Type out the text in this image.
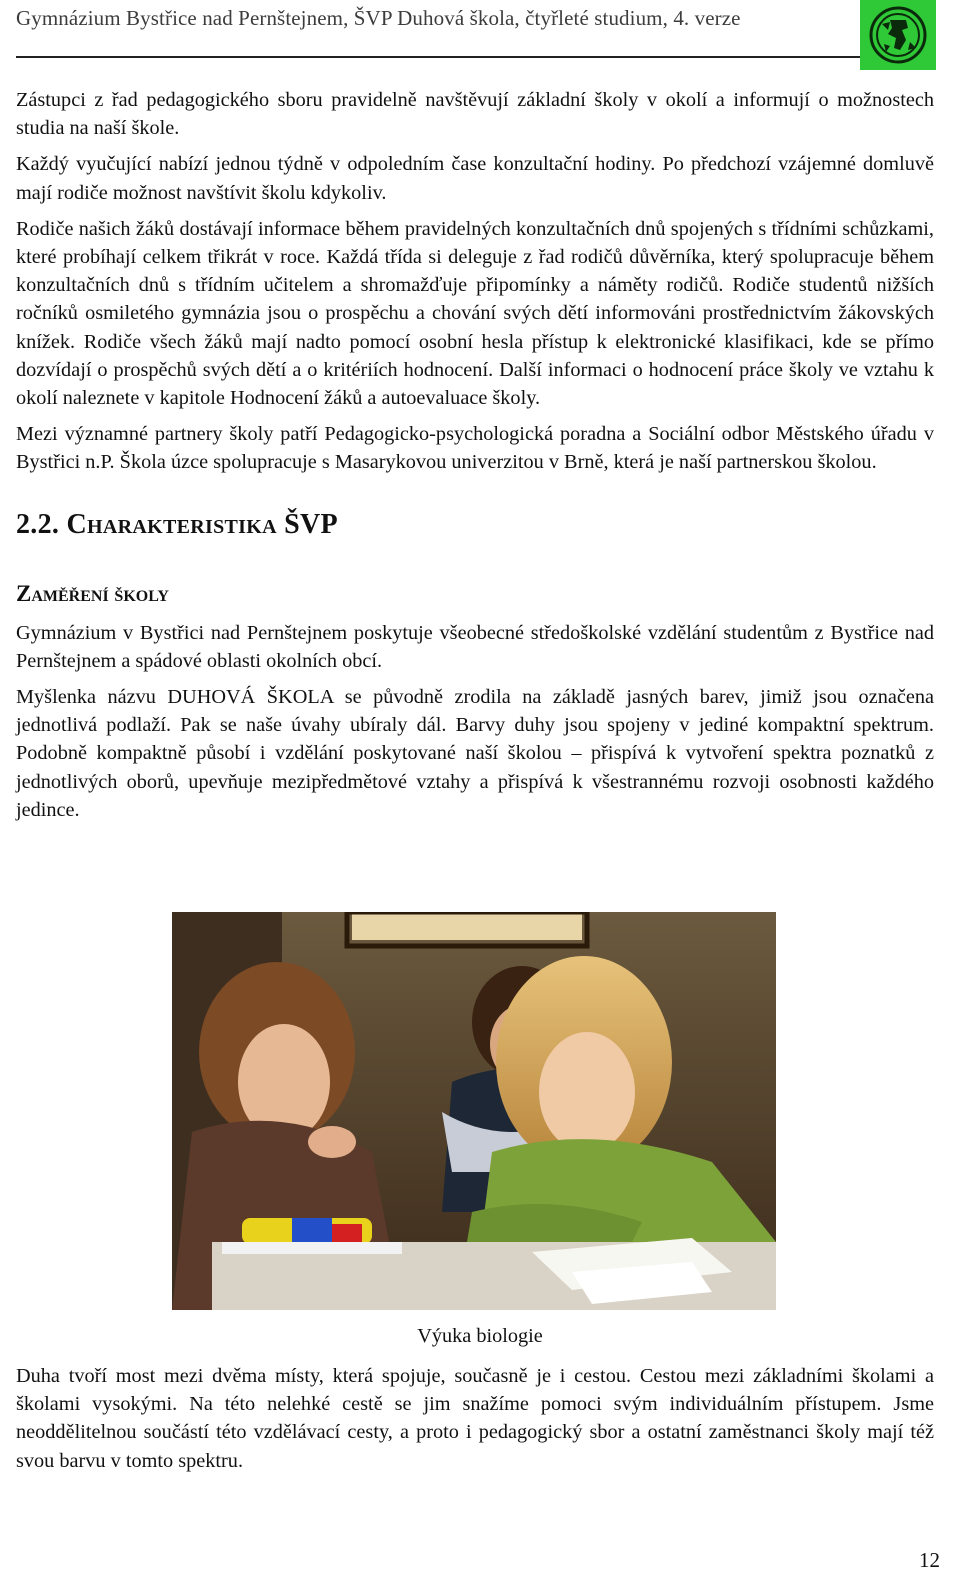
Gymnázium Bystřice nad Pernštejnem, ŠVP Duhová škola, čtyřleté studium, 4. verze

Zástupci z řad pedagogického sboru pravidelně navštěvují základní školy v okolí a informují o možnostech studia na naší škole.

Každý vyučující nabízí jednou týdně v odpoledním čase konzultační hodiny. Po předchozí vzájemné domluvě mají rodiče možnost navštívit školu kdykoliv.

Rodiče našich žáků dostávají informace během pravidelných konzultačních dnů spojených s třídními schůzkami, které probíhají celkem třikrát v roce. Každá třída si deleguje z řad rodičů důvěrníka, který spolupracuje během konzultačních dnů s třídním učitelem a shromažďuje připomínky a náměty rodičů. Rodiče studentů nižších ročníků osmiletého gymnázia jsou o prospěchu a chování svých dětí informováni prostřednictvím žákovských knížek. Rodiče všech žáků mají nadto pomocí osobní hesla přístup k elektronické klasifikaci, kde se přímo dozvídají o prospěchů svých dětí a o kritériích hodnocení. Další informaci o hodnocení práce školy ve vztahu k okolí naleznete v kapitole Hodnocení žáků a autoevaluace školy.

Mezi významné partnery školy patří Pedagogicko-psychologická poradna a Sociální odbor Městského úřadu v Bystřici n.P. Škola úzce spolupracuje s Masarykovou univerzitou v Brně, která je naší partnerskou školou.

2.2. Charakteristika ŠVP
Zaměření školy

Gymnázium v Bystřici nad Pernštejnem poskytuje všeobecné středoškolské vzdělání studentům z Bystřice nad Pernštejnem a spádové oblasti okolních obcí.

Myšlenka názvu DUHOVÁ ŠKOLA se původně zrodila na základě jasných barev, jimiž jsou označena jednotlivá podlaží. Pak se naše úvahy ubíraly dál. Barvy duhy jsou spojeny v jediné kompaktní spektrum. Podobně kompaktně působí i vzdělání poskytované naší školou – přispívá k vytvoření spektra poznatků z jednotlivých oborů, upevňuje mezipředmětové vztahy a přispívá k všestrannému rozvoji osobnosti každého jedince.

Výuka biologie

Duha tvoří most mezi dvěma místy, která spojuje, současně je i cestou. Cestou mezi základními školami a školami vysokými. Na této nelehké cestě se jim snažíme pomoci svým individuálním přístupem. Jsme neoddělitelnou součástí této vzdělávací cesty, a proto i pedagogický sbor a ostatní zaměstnanci školy mají též svou barvu v tomto spektru.

12
